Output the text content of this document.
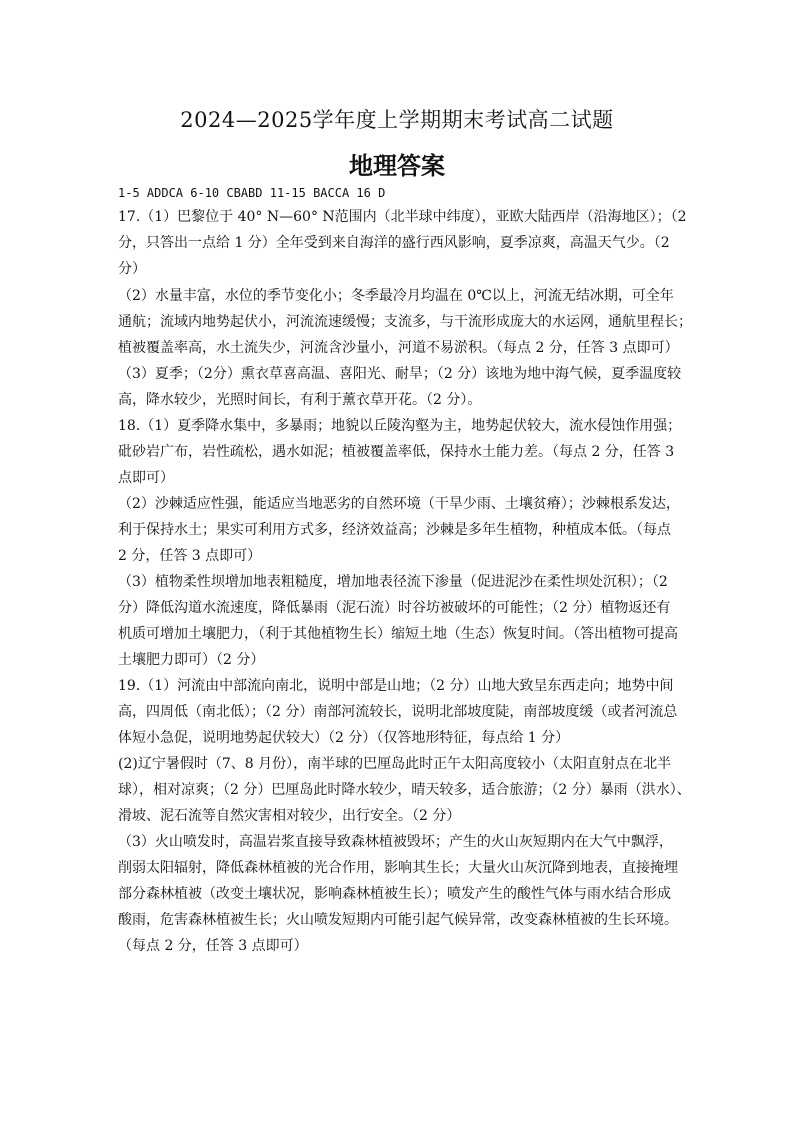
2024—2025学年度上学期期末考试高二试题
地理答案
1-5 ADDCA 6-10 CBABD 11-15 BACCA 16 D
17.（1）巴黎位于 40° N—60° N范围内（北半球中纬度），亚欧大陆西岸（沿海地区）；（2
分，只答出一点给 1 分）全年受到来自海洋的盛行西风影响，夏季凉爽，高温天气少。（2
分）
（2）水量丰富，水位的季节变化小；冬季最冷月均温在 0℃以上，河流无结冰期，可全年
通航；流域内地势起伏小，河流流速缓慢；支流多，与干流形成庞大的水运网，通航里程长；
植被覆盖率高，水土流失少，河流含沙量小，河道不易淤积。（每点 2 分，任答 3 点即可）
（3）夏季；（2分）熏衣草喜高温、喜阳光、耐旱；（2 分）该地为地中海气候，夏季温度较
高，降水较少，光照时间长，有利于薰衣草开花。（2 分）。
18.（1）夏季降水集中，多暴雨；地貌以丘陵沟壑为主，地势起伏较大，流水侵蚀作用强；
砒砂岩广布，岩性疏松，遇水如泥；植被覆盖率低，保持水土能力差。（每点 2 分，任答 3
点即可）
（2）沙棘适应性强，能适应当地恶劣的自然环境（干旱少雨、土壤贫瘠）；沙棘根系发达，
利于保持水土；果实可利用方式多，经济效益高；沙棘是多年生植物，种植成本低。（每点
2 分，任答 3 点即可）
（3）植物柔性坝增加地表粗糙度，增加地表径流下渗量（促进泥沙在柔性坝处沉积）；（2
分）降低沟道水流速度，降低暴雨（泥石流）时谷坊被破坏的可能性；（2 分）植物返还有
机质可增加土壤肥力，（利于其他植物生长）缩短土地（生态）恢复时间。（答出植物可提高
土壤肥力即可）（2 分）
19.（1）河流由中部流向南北，说明中部是山地；（2 分）山地大致呈东西走向；地势中间
高，四周低（南北低）；（2 分）南部河流较长，说明北部坡度陡，南部坡度缓（或者河流总
体短小急促，说明地势起伏较大）（2 分）（仅答地形特征，每点给 1 分）
(2)辽宁暑假时（7、8 月份），南半球的巴厘岛此时正午太阳高度较小（太阳直射点在北半
球），相对凉爽；（2 分）巴厘岛此时降水较少，晴天较多，适合旅游；（2 分）暴雨（洪水）、
滑坡、泥石流等自然灾害相对较少，出行安全。（2 分）
（3）火山喷发时，高温岩浆直接导致森林植被毁坏；产生的火山灰短期内在大气中飘浮，
削弱太阳辐射，降低森林植被的光合作用，影响其生长；大量火山灰沉降到地表，直接掩埋
部分森林植被（改变土壤状况，影响森林植被生长）；喷发产生的酸性气体与雨水结合形成
酸雨，危害森林植被生长；火山喷发短期内可能引起气候异常，改变森林植被的生长环境。
（每点 2 分，任答 3 点即可）
